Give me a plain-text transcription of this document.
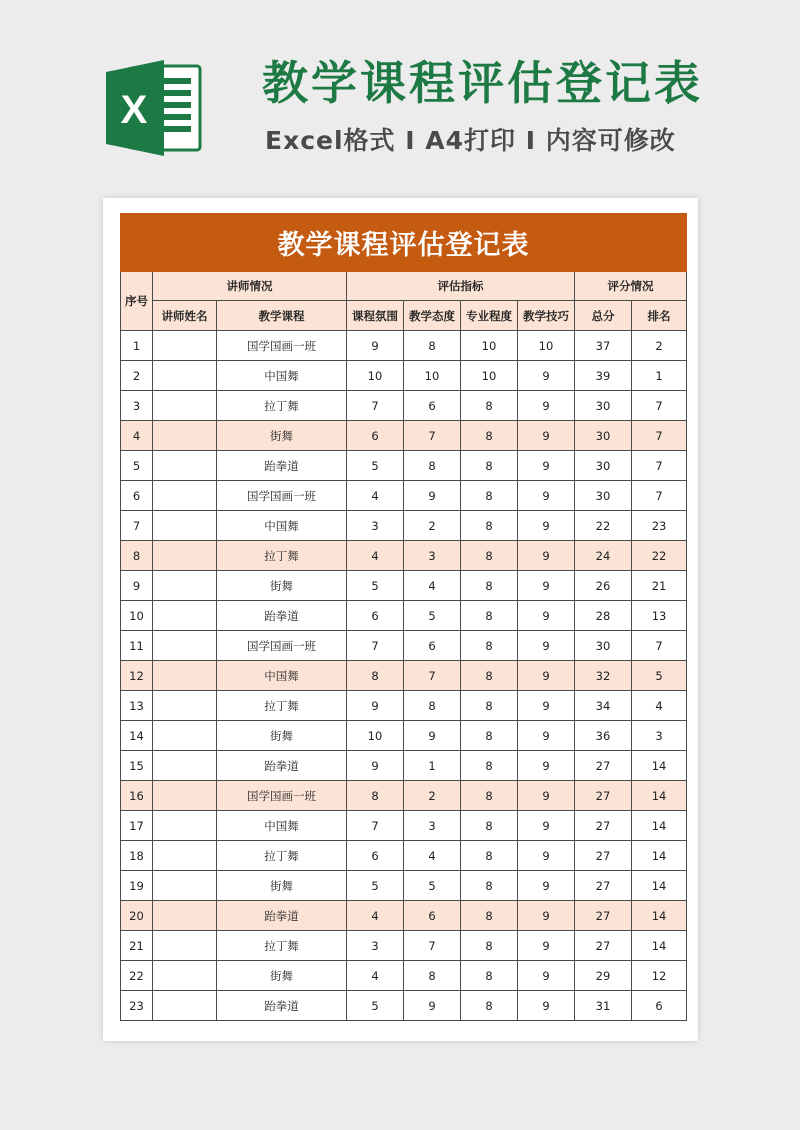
X 教学课程评估登记表
Excel格式 I A4打印 I 内容可修改
教学课程评估登记表								
序号	讲师情况		评估指标				评分情况	
	讲师姓名	教学课程	课程氛围	教学态度	专业程度	教学技巧	总分	排名
1		国学国画一班	9	8	10	10	37	2
2		中国舞	10	10	10	9	39	1
3		拉丁舞	7	6	8	9	30	7
4		街舞	6	7	8	9	30	7
5		跆拳道	5	8	8	9	30	7
6		国学国画一班	4	9	8	9	30	7
7		中国舞	3	2	8	9	22	23
8		拉丁舞	4	3	8	9	24	22
9		街舞	5	4	8	9	26	21
10		跆拳道	6	5	8	9	28	13
11		国学国画一班	7	6	8	9	30	7
12		中国舞	8	7	8	9	32	5
13		拉丁舞	9	8	8	9	34	4
14		街舞	10	9	8	9	36	3
15		跆拳道	9	1	8	9	27	14
16		国学国画一班	8	2	8	9	27	14
17		中国舞	7	3	8	9	27	14
18		拉丁舞	6	4	8	9	27	14
19		街舞	5	5	8	9	27	14
20		跆拳道	4	6	8	9	27	14
21		拉丁舞	3	7	8	9	27	14
22		街舞	4	8	8	9	29	12
23		跆拳道	5	9	8	9	31	6
